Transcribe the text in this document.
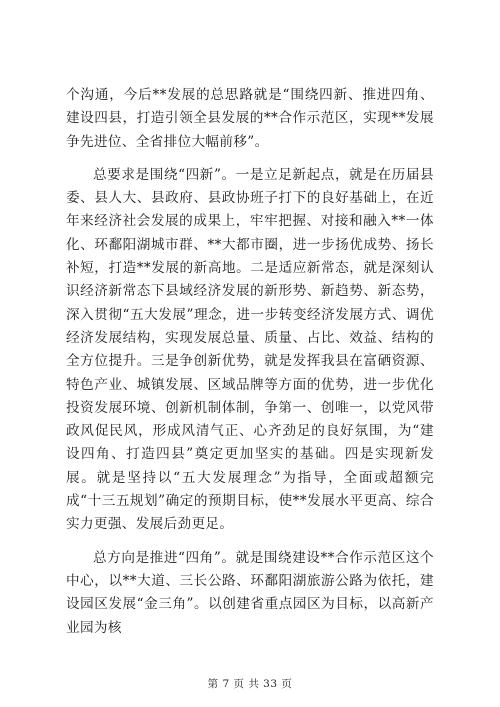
个沟通，今后**发展的总思路就是“围绕四新、推进四角、建设四县，打造引领全县发展的**合作示范区，实现**发展争先进位、全省排位大幅前移”。

总要求是围绕“四新”。一是立足新起点，就是在历届县委、县人大、县政府、县政协班子打下的良好基础上，在近年来经济社会发展的成果上，牢牢把握、对接和融入**一体化、环鄱阳湖城市群、**大都市圈，进一步扬优成势、扬长补短，打造**发展的新高地。二是适应新常态，就是深刻认识经济新常态下县域经济发展的新形势、新趋势、新态势，深入贯彻“五大发展”理念，进一步转变经济发展方式、调优经济发展结构，实现发展总量、质量、占比、效益、结构的全方位提升。三是争创新优势，就是发挥我县在富硒资源、特色产业、城镇发展、区域品牌等方面的优势，进一步优化投资发展环境、创新机制体制，争第一、创唯一，以党风带政风促民风，形成风清气正、心齐劲足的良好氛围，为“建设四角、打造四县”奠定更加坚实的基础。四是实现新发展。就是坚持以“五大发展理念”为指导，全面或超额完成“十三五规划”确定的预期目标，使**发展水平更高、综合实力更强、发展后劲更足。

总方向是推进“四角”。就是围绕建设**合作示范区这个中心，以**大道、三长公路、环鄱阳湖旅游公路为依托，建设园区发展“金三角”。以创建省重点园区为目标，以高新产业园为核

第 7 页 共 33 页
